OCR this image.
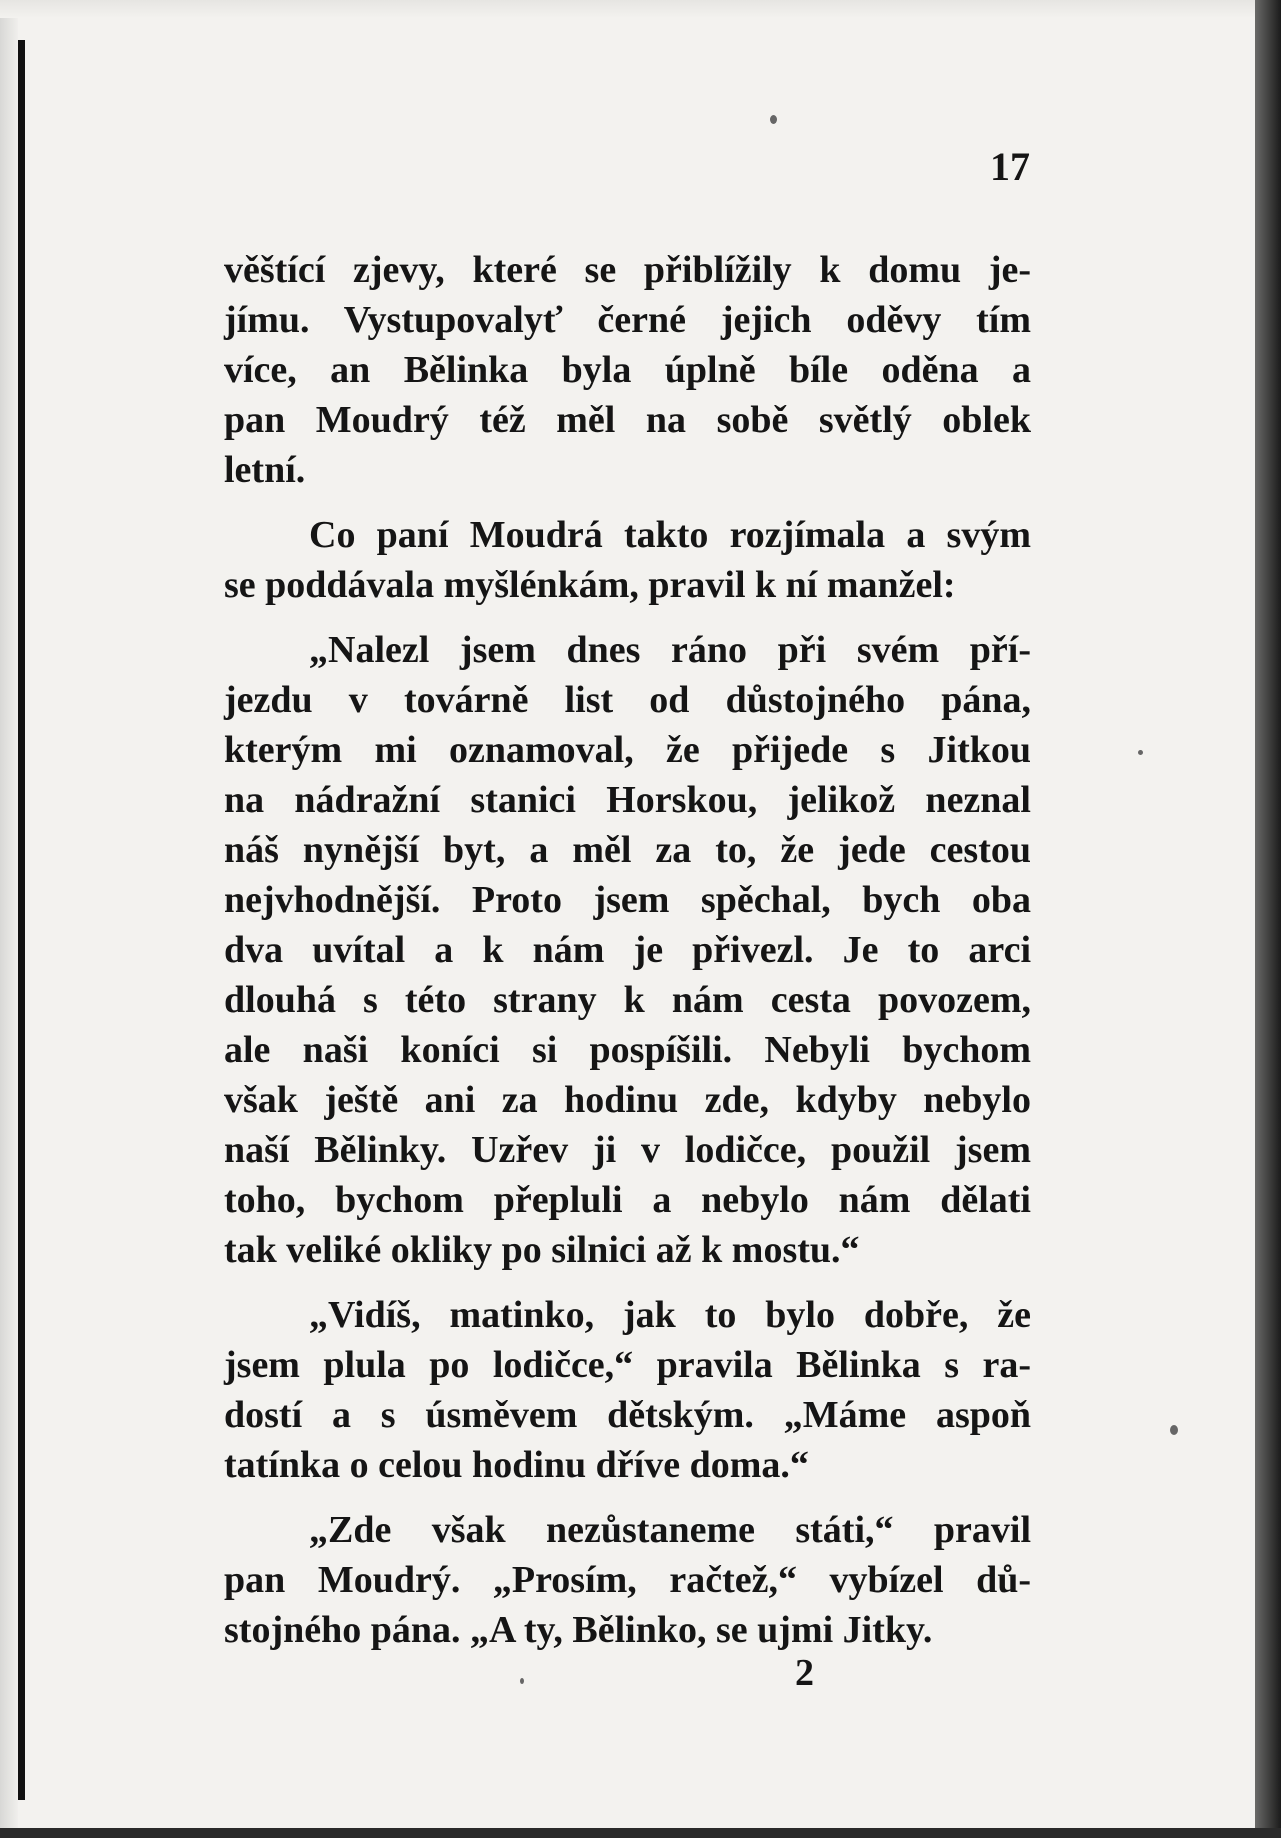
17
věštící zjevy, které se přiblížily k domu je-
jímu. Vystupovalyť černé jejich oděvy tím
více, an Bělinka byla úplně bíle oděna a
pan Moudrý též měl na sobě světlý oblek
letní.
Co paní Moudrá takto rozjímala a svým
se poddávala myšlénkám, pravil k ní manžel:
„Nalezl jsem dnes ráno při svém pří-
jezdu v továrně list od důstojného pána,
kterým mi oznamoval, že přijede s Jitkou
na nádražní stanici Horskou, jelikož neznal
náš nynější byt, a měl za to, že jede cestou
nejvhodnější. Proto jsem spěchal, bych oba
dva uvítal a k nám je přivezl. Je to arci
dlouhá s této strany k nám cesta povozem,
ale naši koníci si pospíšili. Nebyli bychom
však ještě ani za hodinu zde, kdyby nebylo
naší Bělinky. Uzřev ji v lodičce, použil jsem
toho, bychom přepluli a nebylo nám dělati
tak veliké okliky po silnici až k mostu.“
„Vidíš, matinko, jak to bylo dobře, že
jsem plula po lodičce,“ pravila Bělinka s ra-
dostí a s úsměvem dětským. „Máme aspoň
tatínka o celou hodinu dříve doma.“
„Zde však nezůstaneme státi,“ pravil
pan Moudrý. „Prosím, račtež,“ vybízel dů-
stojného pána. „A ty, Bělinko, se ujmi Jitky.
2
